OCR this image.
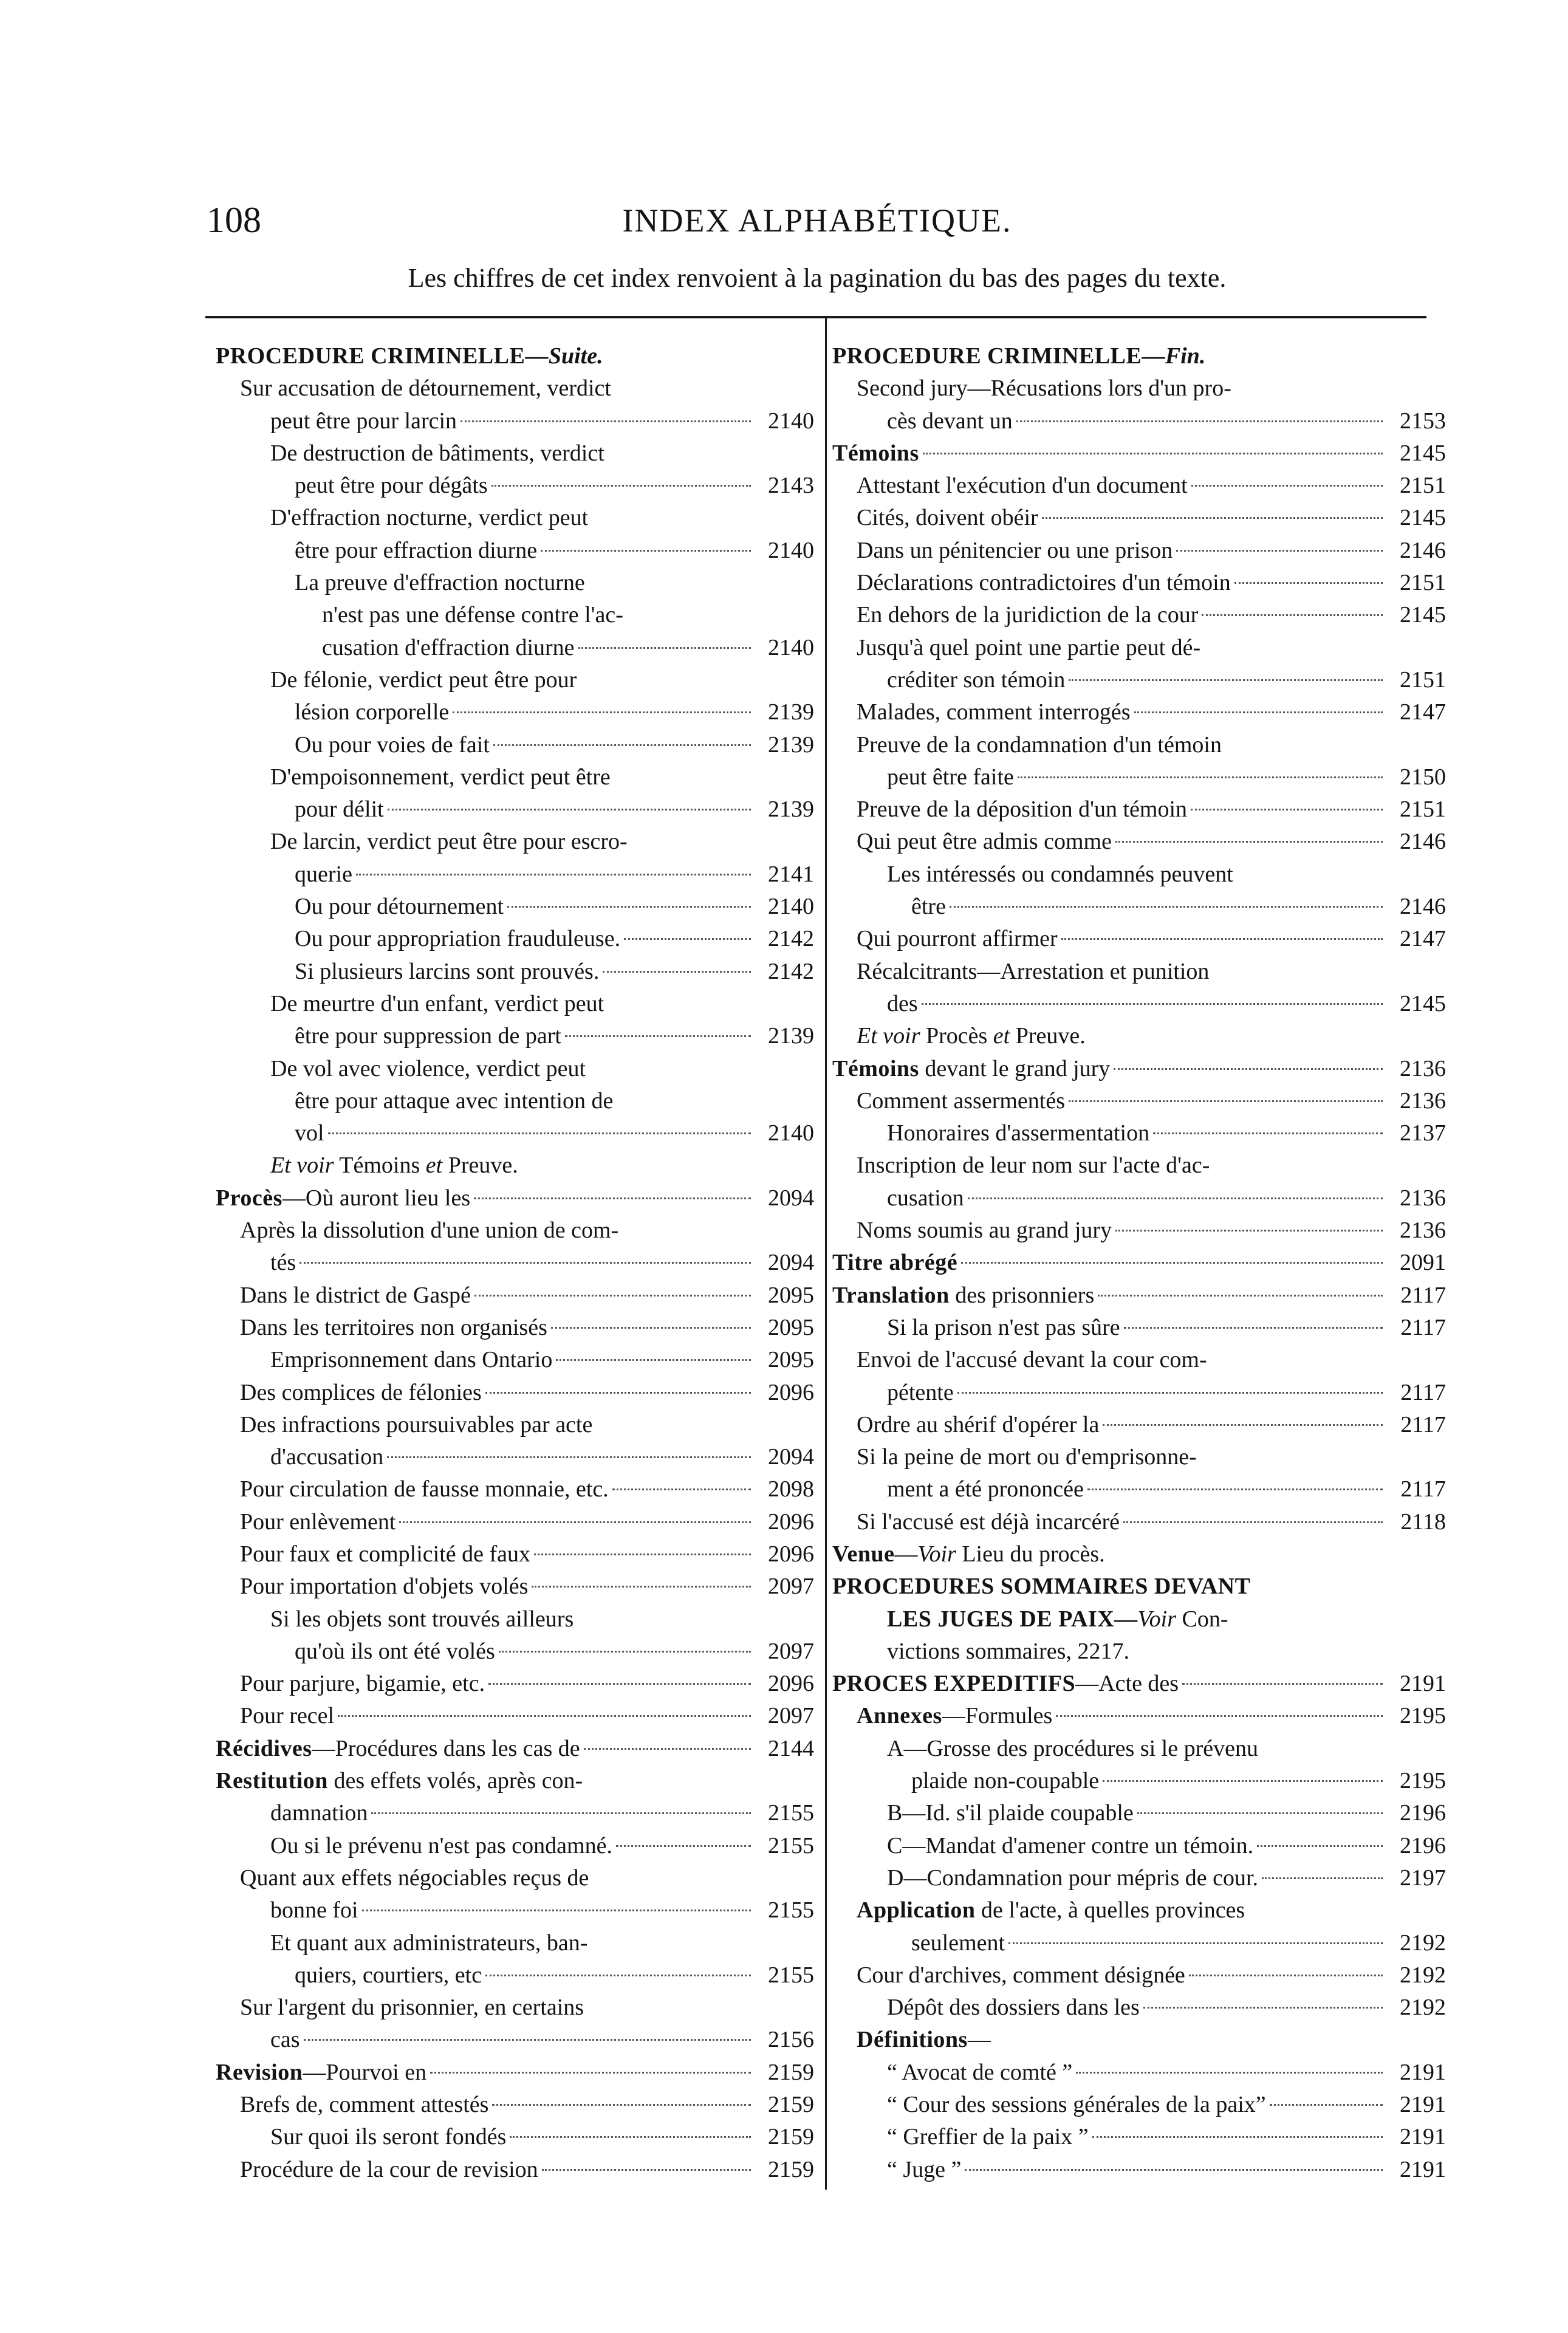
108	INDEX ALPHABÉTIQUE.
Les chiffres de cet index renvoient à la pagination du bas des pages du texte.
PROCEDURE CRIMINELLE—Suite.
Sur accusation de détournement, verdict
peut être pour larcin	2140
De destruction de bâtiments, verdict
peut être pour dégâts	2143
D'effraction nocturne, verdict peut
être pour effraction diurne	2140
La preuve d'effraction nocturne
n'est pas une défense contre l'ac-
cusation d'effraction diurne	2140
De félonie, verdict peut être pour
lésion corporelle	2139
Ou pour voies de fait	2139
D'empoisonnement, verdict peut être
pour délit	2139
De larcin, verdict peut être pour escro-
querie	2141
Ou pour détournement	2140
Ou pour appropriation frauduleuse.	2142
Si plusieurs larcins sont prouvés.	2142
De meurtre d'un enfant, verdict peut
être pour suppression de part	2139
De vol avec violence, verdict peut
être pour attaque avec intention de
vol	2140
Et voir Témoins et Preuve.
Procès—Où auront lieu les	2094
Après la dissolution d'une union de com-
tés	2094
Dans le district de Gaspé	2095
Dans les territoires non organisés	2095
Emprisonnement dans Ontario	2095
Des complices de félonies	2096
Des infractions poursuivables par acte
d'accusation	2094
Pour circulation de fausse monnaie, etc.	2098
Pour enlèvement	2096
Pour faux et complicité de faux	2096
Pour importation d'objets volés	2097
Si les objets sont trouvés ailleurs
qu'où ils ont été volés	2097
Pour parjure, bigamie, etc.	2096
Pour recel	2097
Récidives—Procédures dans les cas de	2144
Restitution des effets volés, après con-
damnation	2155
Ou si le prévenu n'est pas condamné.	2155
Quant aux effets négociables reçus de
bonne foi	2155
Et quant aux administrateurs, ban-
quiers, courtiers, etc	2155
Sur l'argent du prisonnier, en certains
cas	2156
Revision—Pourvoi en	2159
Brefs de, comment attestés	2159
Sur quoi ils seront fondés	2159
Procédure de la cour de revision	2159
PROCEDURE CRIMINELLE—Fin.
Second jury—Récusations lors d'un pro-
cès devant un	2153
Témoins	2145
Attestant l'exécution d'un document	2151
Cités, doivent obéir	2145
Dans un pénitencier ou une prison	2146
Déclarations contradictoires d'un témoin	2151
En dehors de la juridiction de la cour	2145
Jusqu'à quel point une partie peut dé-
créditer son témoin	2151
Malades, comment interrogés	2147
Preuve de la condamnation d'un témoin
peut être faite	2150
Preuve de la déposition d'un témoin	2151
Qui peut être admis comme	2146
Les intéressés ou condamnés peuvent
être	2146
Qui pourront affirmer	2147
Récalcitrants—Arrestation et punition
des	2145
Et voir Procès et Preuve.
Témoins devant le grand jury	2136
Comment assermentés	2136
Honoraires d'assermentation	2137
Inscription de leur nom sur l'acte d'ac-
cusation	2136
Noms soumis au grand jury	2136
Titre abrégé	2091
Translation des prisonniers	2117
Si la prison n'est pas sûre	2117
Envoi de l'accusé devant la cour com-
pétente	2117
Ordre au shérif d'opérer la	2117
Si la peine de mort ou d'emprisonne-
ment a été prononcée	2117
Si l'accusé est déjà incarcéré	2118
Venue—Voir Lieu du procès.
PROCEDURES SOMMAIRES DEVANT
LES JUGES DE PAIX—Voir Con-
victions sommaires, 2217.
PROCES EXPEDITIFS—Acte des	2191
Annexes—Formules	2195
A—Grosse des procédures si le prévenu
plaide non-coupable	2195
B—Id. s'il plaide coupable	2196
C—Mandat d'amener contre un témoin.	2196
D—Condamnation pour mépris de cour.	2197
Application de l'acte, à quelles provinces
seulement	2192
Cour d'archives, comment désignée	2192
Dépôt des dossiers dans les	2192
Définitions—
“ Avocat de comté ”	2191
“ Cour des sessions générales de la paix”	2191
“ Greffier de la paix ”	2191
“ Juge ”	2191
